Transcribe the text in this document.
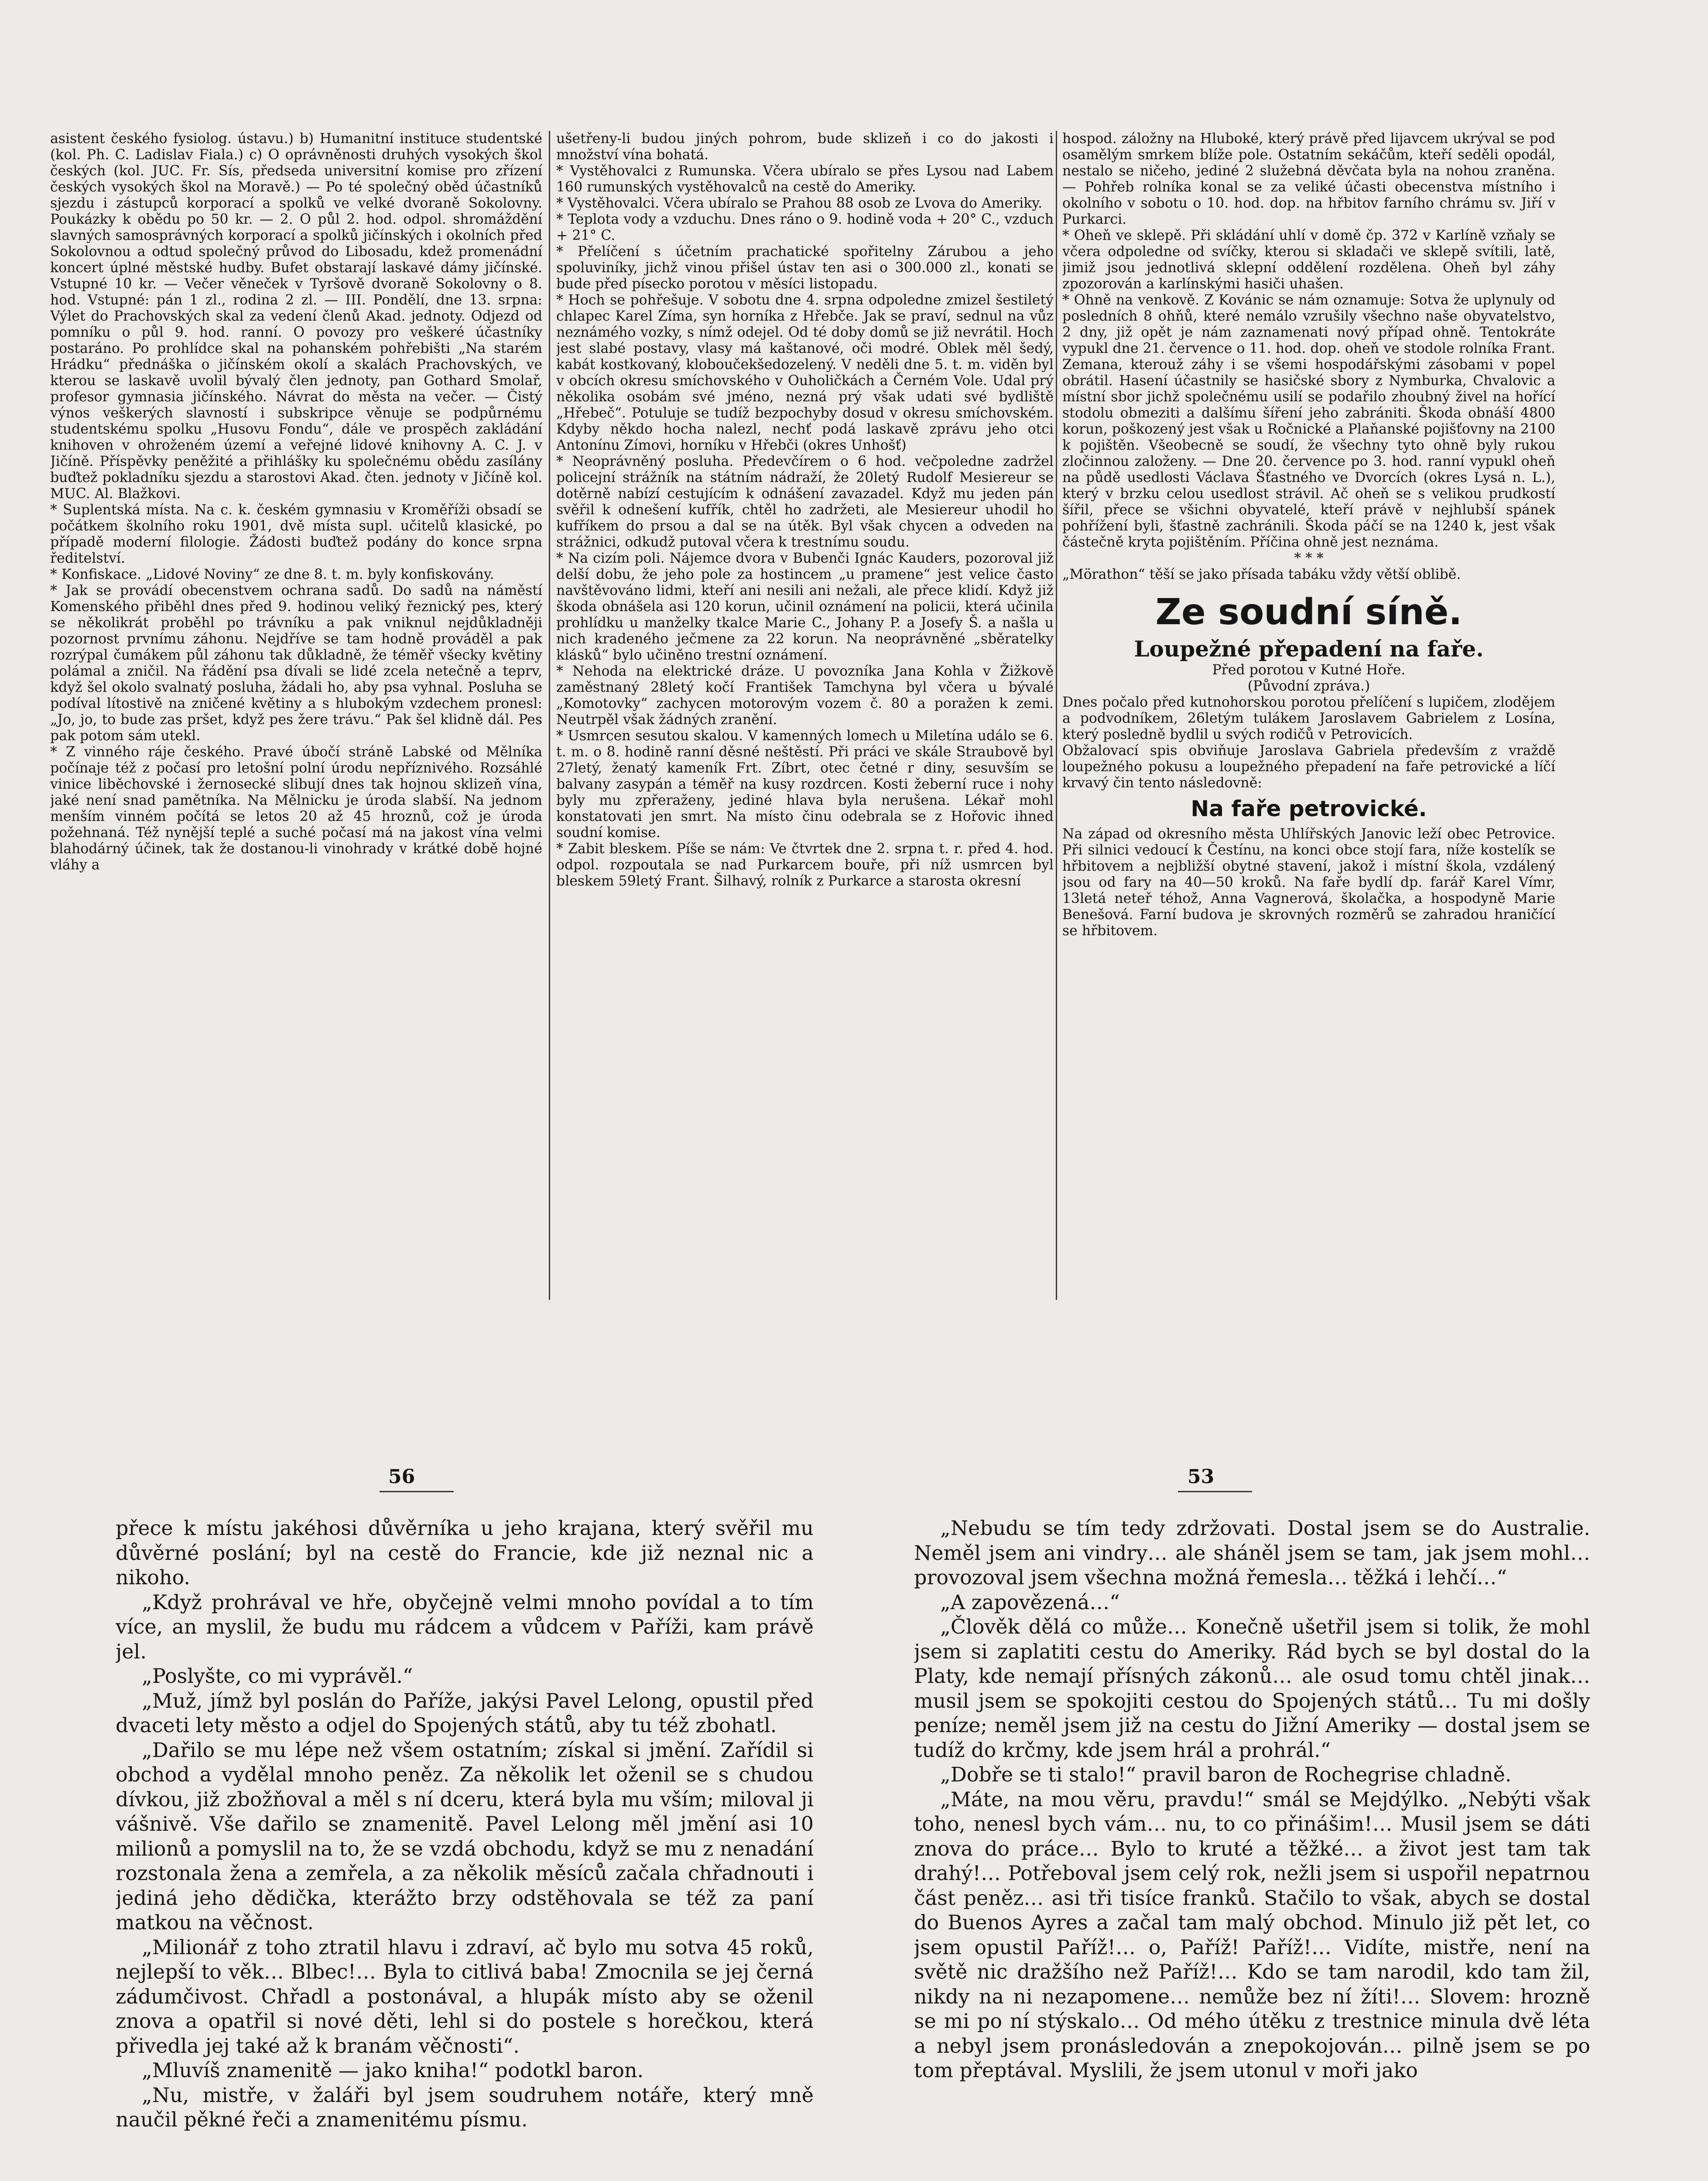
asistent českého fysiolog. ústavu.) b) Humanitní instituce studentské (kol. Ph. C. Ladislav Fiala.) c) O oprávněnosti druhých vysokých škol českých (kol. JUC. Fr. Sís, předseda universitní komise pro zřízení českých vysokých škol na Moravě.) — Po té společný oběd účastníků sjezdu i zástupců korporací a spolků ve velké dvoraně Sokolovny. Poukázky k obědu po 50 kr. — 2. O půl 2. hod. odpol. shromáždění slavných samosprávných korporací a spolků jičínských i okolních před Sokolovnou a odtud společný průvod do Libosadu, kdež promenádní koncert úplné městské hudby. Bufet obstarají laskavé dámy jičínské. Vstupné 10 kr. — Večer věneček v Tyršově dvoraně Sokolovny o 8. hod. Vstupné: pán 1 zl., rodina 2 zl. — III. Pondělí, dne 13. srpna: Výlet do Prachovských skal za vedení členů Akad. jednoty. Odjezd od pomníku o půl 9. hod. ranní. O povozy pro veškeré účastníky postaráno. Po prohlídce skal na pohanském pohřebišti „Na starém Hrádku“ přednáška o jičínském okolí a skalách Prachovských, ve kterou se laskavě uvolil bývalý člen jednoty, pan Gothard Smolař, profesor gymnasia jičínského. Návrat do města na večer. — Čistý výnos veškerých slavností i subskripce věnuje se podpůrnému studentskému spolku „Husovu Fondu“, dále ve prospěch zakládání knihoven v ohroženém území a veřejné lidové knihovny A. C. J. v Jičíně. Příspěvky peněžité a přihlášky ku společnému obědu zasílány buďtež pokladníku sjezdu a starostovi Akad. čten. jednoty v Jičíně kol. MUC. Al. Blažkovi.

* Suplentská místa. Na c. k. českém gymnasiu v Kroměříži obsadí se počátkem školního roku 1901, dvě místa supl. učitelů klasické, po případě moderní filologie. Žádosti buďtež podány do konce srpna ředitelství.

* Konfiskace. „Lidové Noviny“ ze dne 8. t. m. byly konfiskovány.

* Jak se provádí obecenstvem ochrana sadů. Do sadů na náměstí Komenského přiběhl dnes před 9. hodinou veliký řeznický pes, který se několikrát proběhl po trávníku a pak vniknul nejdůkladněji pozornost prvnímu záhonu. Nejdříve se tam hodně prováděl a pak rozrýpal čumákem půl záhonu tak důkladně, že téměř všecky květiny polámal a zničil. Na řádění psa dívali se lidé zcela netečně a teprv, když šel okolo svalnatý posluha, žádali ho, aby psa vyhnal. Posluha se podíval lítostivě na zničené květiny a s hlubokým vzdechem pronesl: „Jo, jo, to bude zas pršet, když pes žere trávu.“ Pak šel klidně dál. Pes pak potom sám utekl.

* Z vinného ráje českého. Pravé úbočí stráně Labské od Mělníka počínaje též z počasí pro letošní polní úrodu nepříznivého. Rozsáhlé vinice liběchovské i žernosecké slibují dnes tak hojnou sklizeň vína, jaké není snad pamětníka. Na Mělnicku je úroda slabší. Na jednom menším vinném počítá se letos 20 až 45 hroznů, což je úroda požehnaná. Též nynější teplé a suché počasí má na jakost vína velmi blahodárný účinek, tak že dostanou-li vinohrady v krátké době hojné vláhy a

ušetřeny-li budou jiných pohrom, bude sklizeň i co do jakosti i množství vína bohatá.

* Vystěhovalci z Rumunska. Včera ubíralo se přes Lysou nad Labem 160 rumunských vystěhovalců na cestě do Ameriky.

* Vystěhovalci. Včera ubíralo se Prahou 88 osob ze Lvova do Ameriky.

* Teplota vody a vzduchu. Dnes ráno o 9. hodině voda + 20° C., vzduch + 21° C.

* Přelíčení s účetním prachatické spořitelny Zárubou a jeho spoluviníky, jichž vinou přišel ústav ten asi o 300.000 zl., konati se bude před písecko porotou v měsíci listopadu.

* Hoch se pohřešuje. V sobotu dne 4. srpna odpoledne zmizel šestiletý chlapec Karel Zíma, syn horníka z Hřebče. Jak se praví, sednul na vůz neznámého vozky, s nímž odejel. Od té doby domů se již nevrátil. Hoch jest slabé postavy, vlasy má kaštanové, oči modré. Oblek měl šedý, kabát kostkovaný, kloboučekšedozelený. V neděli dne 5. t. m. viděn byl v obcích okresu smíchovského v Ouholičkách a Černém Vole. Udal prý několika osobám své jméno, nezná prý však udati své bydliště „Hřebeč“. Potuluje se tudíž bezpochyby dosud v okresu smíchovském. Kdyby někdo hocha nalezl, nechť podá laskavě zprávu jeho otci Antonínu Zímovi, horníku v Hřebči (okres Unhošť)

* Neoprávněný posluha. Předevčírem o 6 hod. večpoledne zadržel policejní strážník na státním nádraží, že 20letý Rudolf Mesiereur se dotěrně nabízí cestujícím k odnášení zavazadel. Když mu jeden pán svěřil k odnešení kufřík, chtěl ho zadržeti, ale Mesiereur uhodil ho kufříkem do prsou a dal se na útěk. Byl však chycen a odveden na strážnici, odkudž putoval včera k trestnímu soudu.

* Na cizím poli. Nájemce dvora v Bubenči Ignác Kauders, pozoroval již delší dobu, že jeho pole za hostincem „u pramene“ jest velice často navštěvováno lidmi, kteří ani nesili ani nežali, ale přece klidí. Když již škoda obnášela asi 120 korun, učinil oznámení na policii, která učinila prohlídku u manželky tkalce Marie C., Johany P. a Josefy Š. a našla u nich kradeného ječmene za 22 korun. Na neoprávněné „sběratelky klásků“ bylo učiněno trestní oznámení.

* Nehoda na elektrické dráze. U povozníka Jana Kohla v Žižkově zaměstnaný 28letý kočí František Tamchyna byl včera u bývalé „Komotovky“ zachycen motorovým vozem č. 80 a poražen k zemi. Neutrpěl však žádných zranění.

* Usmrcen sesutou skalou. V kamenných lomech u Miletína událo se 6. t. m. o 8. hodině ranní děsné neštěstí. Při práci ve skále Straubově byl 27letý, ženatý kameník Frt. Zíbrt, otec četné r diny, sesuvším se balvany zasypán a téměř na kusy rozdrcen. Kosti žeberní ruce i nohy byly mu zpřeraženy, jediné hlava byla nerušena. Lékař mohl konstatovati jen smrt. Na místo činu odebrala se z Hořovic ihned soudní komise.

* Zabit bleskem. Píše se nám: Ve čtvrtek dne 2. srpna t. r. před 4. hod. odpol. rozpoutala se nad Purkarcem bouře, při níž usmrcen byl bleskem 59letý Frant. Šilhavý, rolník z Purkarce a starosta okresní

hospod. záložny na Hluboké, který právě před lijavcem ukrýval se pod osamělým smrkem blíže pole. Ostatním sekáčům, kteří seděli opodál, nestalo se ničeho, jediné 2 služebná děvčata byla na nohou zraněna. — Pohřeb rolníka konal se za veliké účasti obecenstva místního i okolního v sobotu o 10. hod. dop. na hřbitov farního chrámu sv. Jiří v Purkarci.

* Oheň ve sklepě. Při skládání uhlí v domě čp. 372 v Karlíně vzňaly se včera odpoledne od svíčky, kterou si skladači ve sklepě svítili, latě, jimiž jsou jednotlivá sklepní oddělení rozdělena. Oheň byl záhy zpozorován a karlínskými hasiči uhašen.

* Ohně na venkově. Z Kovánic se nám oznamuje: Sotva že uplynuly od posledních 8 ohňů, které nemálo vzrušily všechno naše obyvatelstvo, 2 dny, již opět je nám zaznamenati nový případ ohně. Tentokráte vypukl dne 21. července o 11. hod. dop. oheň ve stodole rolníka Frant. Zemana, kterouž záhy i se všemi hospodářskými zásobami v popel obrátil. Hasení účastnily se hasičské sbory z Nymburka, Chvalovic a místní sbor jichž společnému usilí se podařilo zhoubný živel na hořící stodolu obmeziti a dalšímu šíření jeho zabrániti. Škoda obnáší 4800 korun, poškozený jest však u Ročnické a Plaňanské pojišťovny na 2100 k pojištěn. Všeobecně se soudí, že všechny tyto ohně byly rukou zločinnou založeny. — Dne 20. července po 3. hod. ranní vypukl oheň na půdě usedlosti Václava Šťastného ve Dvorcích (okres Lysá n. L.), který v brzku celou usedlost strávil. Ač oheň se s velikou prudkostí šířil, přece se všichni obyvatelé, kteří právě v nejhlubší spánek pohřížení byli, šťastně zachránili. Škoda páčí se na 1240 k, jest však částečně kryta pojištěním. Příčina ohně jest neznáma.

* * *

„Mörathon“ těší se jako přísada tabáku vždy větší oblibě.

Ze soudní síně.
Loupežné přepadení na faře.

Před porotou v Kutné Hoře.

(Původní zpráva.)

Dnes počalo před kutnohorskou porotou přelíčení s lupičem, zlodějem a podvodníkem, 26letým tulákem Jaroslavem Gabrielem z Losína, který posledně bydlil u svých rodičů v Petrovicích.

Obžalovací spis obviňuje Jaroslava Gabriela především z vraždě loupežného pokusu a loupežného přepadení na faře petrovické a líčí krvavý čin tento následovně:

Na faře petrovické.

Na západ od okresního města Uhlířských Janovic leží obec Petrovice. Při silnici vedoucí k Čestínu, na konci obce stojí fara, níže kostelík se hřbitovem a nejbližší obytné stavení, jakož i místní škola, vzdálený jsou od fary na 40—50 kroků. Na faře bydlí dp. farář Karel Vímr, 13letá neteř téhož, Anna Vagnerová, školačka, a hospodyně Marie Benešová. Farní budova je skrovných rozměrů se zahradou hraničící se hřbitovem.

56	53

přece k místu jakéhosi důvěrníka u jeho krajana, který svěřil mu důvěrné poslání; byl na cestě do Francie, kde již neznal nic a nikoho.

„Když prohrával ve hře, obyčejně velmi mnoho povídal a to tím více, an myslil, že budu mu rádcem a vůdcem v Paříži, kam právě jel.

„Poslyšte, co mi vyprávěl.“

„Muž, jímž byl poslán do Paříže, jakýsi Pavel Lelong, opustil před dvaceti lety město a odjel do Spojených států, aby tu též zbohatl.

„Dařilo se mu lépe než všem ostatním; získal si jmění. Zařídil si obchod a vydělal mnoho peněz. Za několik let oženil se s chudou dívkou, již zbožňoval a měl s ní dceru, která byla mu vším; miloval ji vášnivě. Vše dařilo se znamenitě. Pavel Lelong měl jmění asi 10 milionů a pomyslil na to, že se vzdá obchodu, když se mu z nenadání rozstonala žena a zemřela, a za několik měsíců začala chřadnouti i jediná jeho dědička, kterážto brzy odstěhovala se též za paní matkou na věčnost.

„Milionář z toho ztratil hlavu i zdraví, ač bylo mu sotva 45 roků, nejlepší to věk… Blbec!… Byla to citlivá baba! Zmocnila se jej černá zádumčivost. Chřadl a postonával, a hlupák místo aby se oženil znova a opatřil si nové děti, lehl si do postele s horečkou, která přivedla jej také až k branám věčnosti“.

„Mluvíš znamenitě — jako kniha!“ podotkl baron.

„Nu, mistře, v žaláři byl jsem soudruhem notáře, který mně naučil pěkné řeči a znamenitému písmu.

„Nebudu se tím tedy zdržovati. Dostal jsem se do Australie. Neměl jsem ani vindry… ale sháněl jsem se tam, jak jsem mohl… provozoval jsem všechna možná řemesla… těžká i lehčí…“

„A zapovězená…“

„Člověk dělá co může… Konečně ušetřil jsem si tolik, že mohl jsem si zaplatiti cestu do Ameriky. Rád bych se byl dostal do la Platy, kde nemají přísných zákonů… ale osud tomu chtěl jinak… musil jsem se spokojiti cestou do Spojených států… Tu mi došly peníze; neměl jsem již na cestu do Jižní Ameriky — dostal jsem se tudíž do krčmy, kde jsem hrál a prohrál.“

„Dobře se ti stalo!“ pravil baron de Rochegrise chladně.

„Máte, na mou věru, pravdu!“ smál se Mejdýlko. „Nebýti však toho, nenesl bych vám… nu, to co přinášim!… Musil jsem se dáti znova do práce… Bylo to kruté a těžké… a život jest tam tak drahý!… Potřeboval jsem celý rok, nežli jsem si uspořil nepatrnou část peněz… asi tři tisíce franků. Stačilo to však, abych se dostal do Buenos Ayres a začal tam malý obchod. Minulo již pět let, co jsem opustil Paříž!… o, Paříž! Paříž!… Vidíte, mistře, není na světě nic dražšího než Paříž!… Kdo se tam narodil, kdo tam žil, nikdy na ni nezapomene… nemůže bez ní žíti!… Slovem: hrozně se mi po ní stýskalo… Od mého útěku z trestnice minula dvě léta a nebyl jsem pronásledován a znepokojován… pilně jsem se po tom přeptával. Myslili, že jsem utonul v moři jako
